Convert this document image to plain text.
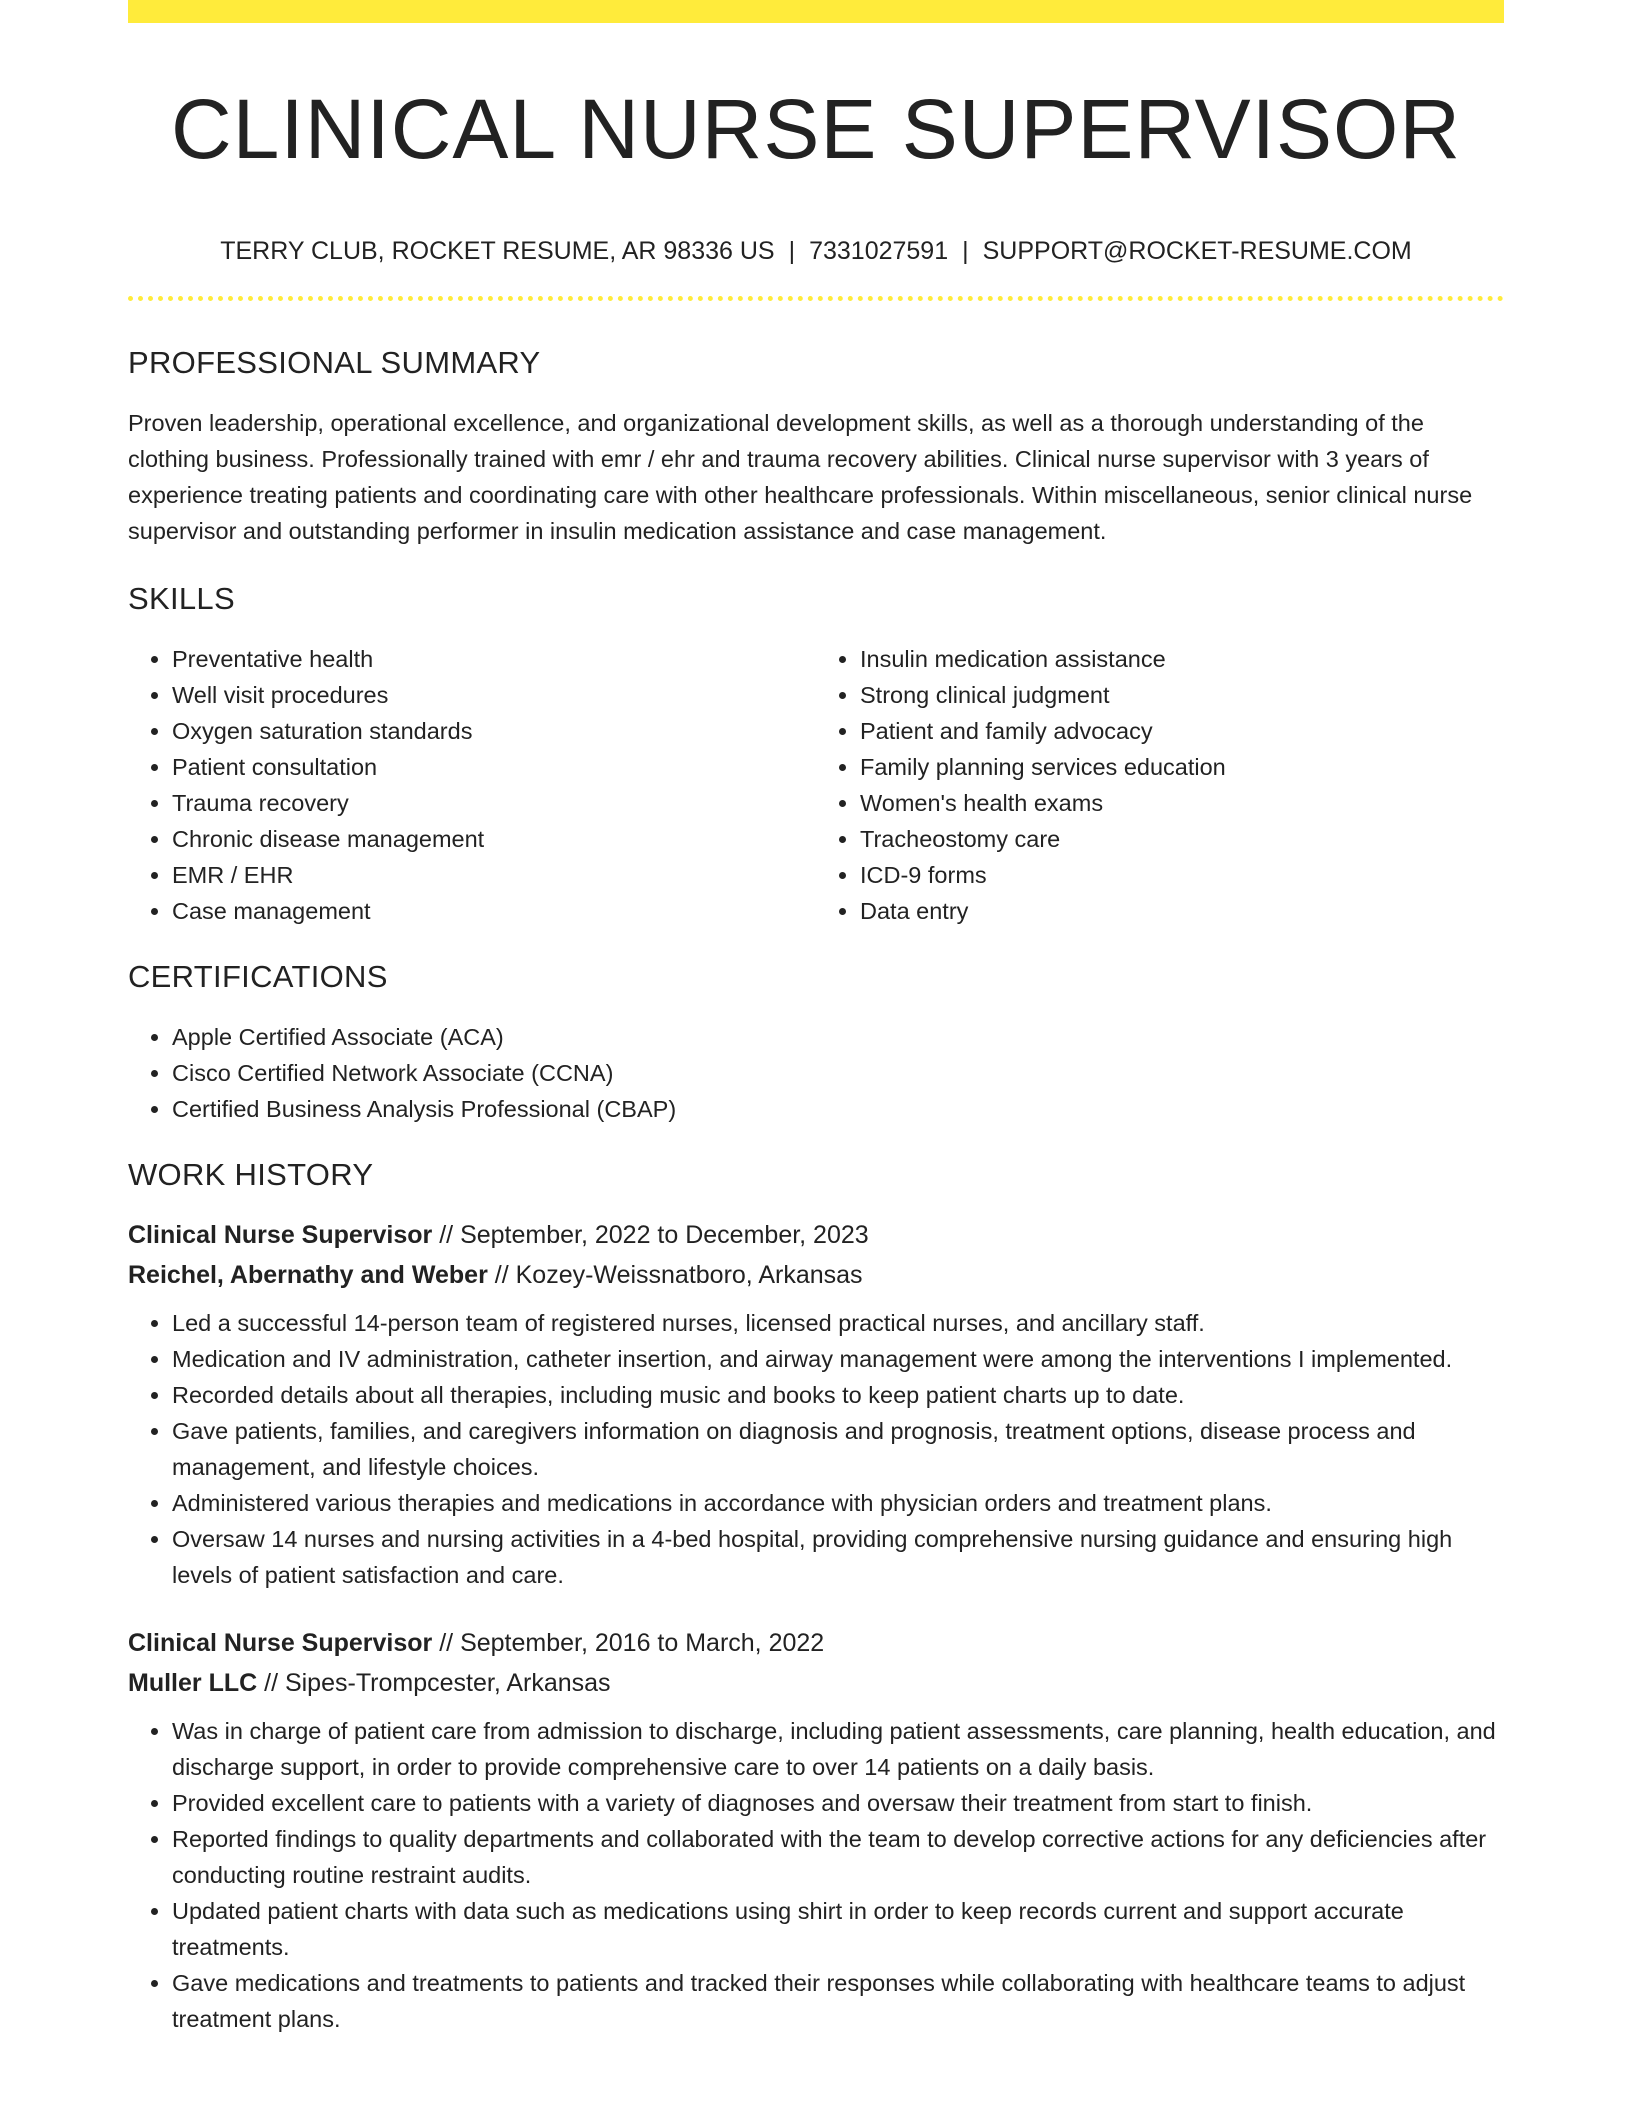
CLINICAL NURSE SUPERVISOR
TERRY CLUB, ROCKET RESUME, AR 98336 US | 7331027591 | SUPPORT@ROCKET-RESUME.COM
PROFESSIONAL SUMMARY

Proven leadership, operational excellence, and organizational development skills, as well as a thorough understanding of the clothing business. Professionally trained with emr / ehr and trauma recovery abilities. Clinical nurse supervisor with 3 years of experience treating patients and coordinating care with other healthcare professionals. Within miscellaneous, senior clinical nurse supervisor and outstanding performer in insulin medication assistance and case management.

SKILLS
• Preventative health
• Well visit procedures
• Oxygen saturation standards
• Patient consultation
• Trauma recovery
• Chronic disease management
• EMR / EHR
• Case management
• Insulin medication assistance
• Strong clinical judgment
• Patient and family advocacy
• Family planning services education
• Women's health exams
• Tracheostomy care
• ICD-9 forms
• Data entry
CERTIFICATIONS
• Apple Certified Associate (ACA)
• Cisco Certified Network Associate (CCNA)
• Certified Business Analysis Professional (CBAP)
WORK HISTORY
Clinical Nurse Supervisor // September, 2022 to December, 2023
Reichel, Abernathy and Weber // Kozey-Weissnatboro, Arkansas
• Led a successful 14-person team of registered nurses, licensed practical nurses, and ancillary staff.
• Medication and IV administration, catheter insertion, and airway management were among the interventions I implemented.
• Recorded details about all therapies, including music and books to keep patient charts up to date.
• Gave patients, families, and caregivers information on diagnosis and prognosis, treatment options, disease process and management, and lifestyle choices.
• Administered various therapies and medications in accordance with physician orders and treatment plans.
• Oversaw 14 nurses and nursing activities in a 4-bed hospital, providing comprehensive nursing guidance and ensuring high levels of patient satisfaction and care.
Clinical Nurse Supervisor // September, 2016 to March, 2022
Muller LLC // Sipes-Trompcester, Arkansas
• Was in charge of patient care from admission to discharge, including patient assessments, care planning, health education, and discharge support, in order to provide comprehensive care to over 14 patients on a daily basis.
• Provided excellent care to patients with a variety of diagnoses and oversaw their treatment from start to finish.
• Reported findings to quality departments and collaborated with the team to develop corrective actions for any deficiencies after conducting routine restraint audits.
• Updated patient charts with data such as medications using shirt in order to keep records current and support accurate treatments.
• Gave medications and treatments to patients and tracked their responses while collaborating with healthcare teams to adjust treatment plans.
